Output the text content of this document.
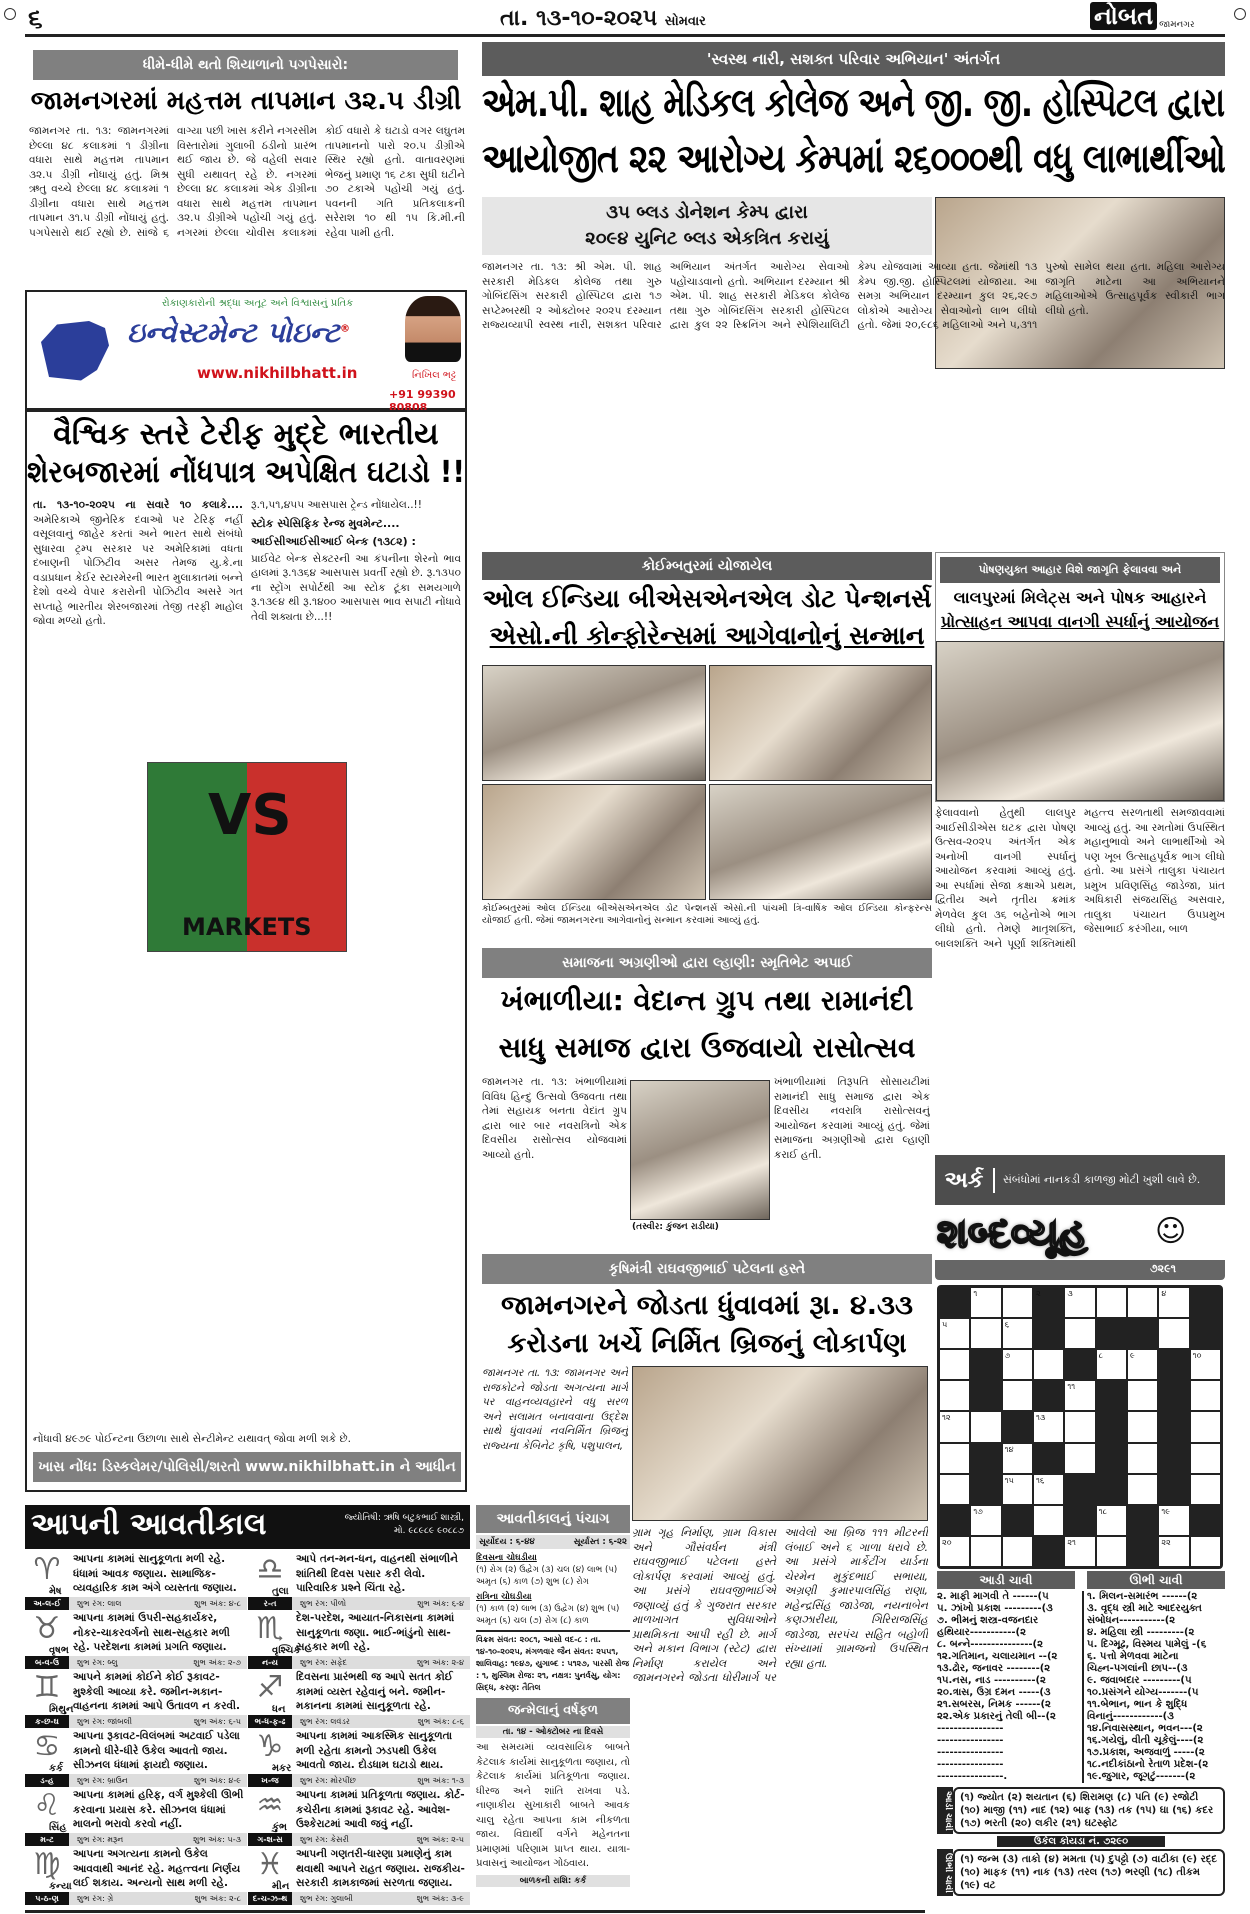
૬	તા. ૧૩-૧૦-૨૦૨૫ સોમવાર	નોબત જામનગર
ધીમે-ધીમે થતો શિયાળાનો પગપેસારો:
જામનગરમાં મહત્તમ તાપમાન ૩૨.૫ ડીગ્રી
જામનગર તા. ૧૩: જામનગરમાં છેલ્લા ૪૮ કલાકમાં ૧ ડીગ્રીના વધારા સાથે મહત્તમ તાપમાન ૩૨.૫ ડીગ્રી નોંધાયું હતું. મિશ્ર ઋતુ વચ્ચે છેલ્લા ૪૮ કલાકમાં ૧ ડીગ્રીના વધારા સાથે મહત્તમ તાપમાન ૩૧.૫ ડીગ્રી નોંધાયું હતું. પગપેસારો થઈ રહ્યો છે. સાંજે ૬ વાગ્યા પછી ખાસ કરીને નગરસીમ વિસ્તારોમાં ગુલાબી ઠંડીનો પ્રારંભ થઈ જાય છે. જે વહેલી સવાર સુધી યથાવત્ રહે છે. નગરમાં છેલ્લા ૪૮ કલાકમાં એક ડીગ્રીના વધારા સાથે મહત્તમ તાપમાન ૩૨.૫ ડીગ્રીએ પહોંચી ગયું હતું. નગરમાં છેલ્લા ચોવીસ કલાકમાં કોઈ વધારો કે ઘટાડો વગર લઘુતમ તાપમાનનો પારો ૨૦.૫ ડીગ્રીએ સ્થિર રહ્યો હતો. વાતાવરણમાં ભેજનું પ્રમાણ ૧૬ ટકા સુધી ઘટીને ૭૦ ટકાએ પહોંચી ગયું હતું. પવનની ગતિ પ્રતિકલાકની સરેરાશ ૧૦ થી ૧૫ કિ.મી.ની રહેવા પામી હતી.
રોકાણકારોની શ્રદ્ધા અતૂટ અને વિશ્વાસનું પ્રતિક
ઇન્વેસ્ટમેન્ટ પોઇન્ટ®
www.nikhilbhatt.in	નિખિલ ભટ્ટ
+91 99390 80808
વૈશ્વિક સ્તરે ટેરીફ મુદ્દે ભારતીય
શેરબજારમાં નોંધપાત્ર અપેક્ષિત ઘટાડો !!
તા. ૧૩-૧૦-૨૦૨૫ ના સવારે ૧૦ કલાકે.... અમેરિકાએ જીનેરિક દવાઓ પર ટેરિફ નહીં વસૂલવાનું જાહેર કરતાં અને ભારત સાથે સંબંધો સુધારવા ટ્રમ્પ સરકાર પર અમેરિકામાં વધતા દબાણની પોઝિટીવ અસર તેમજ યુ.કે.ના વડાપ્રધાન કેઈર સ્ટારમેરની ભારત મુલાકાતમાં બન્ને દેશો વચ્ચે વેપાર કરારોની પોઝિટીવ અસરે ગત સપ્તાહે ભારતીય શેરબજારમાં તેજી તરફી માહોલ જોવા મળ્યો હતો.
રૂ.૧,૫૧,૪૫૫ આસપાસ ટ્રેન્ડ નોંધાયેલ..!!
સ્ટોક સ્પેસિફિક રેન્જ મુવમેન્ટ....
આઈસીઆઈસીઆઈ બેન્ક (૧૩૮૨) :
પ્રાઈવેટ બેન્ક સેક્ટરની આ કંપનીના શેરનો ભાવ હાલમાં રૂ.૧૩૬૪ આસપાસ પ્રવર્તી રહ્યો છે. રૂ.૧૩૫૦ ના સ્ટ્રોંગ સપોર્ટથી આ સ્ટોક ટૂંકા સમયગાળે રૂ.૧૩૯૪ થી રૂ.૧૪૦૦ આસપાસ ભાવ સપાટી નોંધાવે તેવી શક્યતા છે...!!
VS
MARKETS
નોંધાવી ૪૯૭૯ પોઈન્ટના ઉછાળા સાથે સેન્ટીમેન્ટ યથાવત્ જોવા મળી શકે છે.
ખાસ નોંધ: ડિસ્કલેમર/પોલિસી/શરતો www.nikhilbhatt.in ને આધીન
'સ્વસ્થ નારી, સશક્ત પરિવાર અભિયાન' અંતર્ગત
એમ.પી. શાહ મેડિકલ કોલેજ અને જી. જી. હોસ્પિટલ દ્વારા
આયોજીત ૨૨ આરોગ્ય કેમ્પમાં ૨૬૦૦૦થી વધુ લાભાર્થીઓ
૩૫ બ્લડ ડોનેશન કેમ્પ દ્વારા
૨૦૯૪ યુનિટ બ્લડ એકત્રિત કરાયું
જામનગર તા. ૧૩: શ્રી એમ. પી. શાહ સરકારી મેડિકલ કોલેજ તથા ગુરુ ગોબિંદસિંગ સરકારી હોસ્પિટલ દ્વારા ૧૭ સપ્ટેમ્બરથી ૨ ઓક્ટોબર ૨૦૨૫ દરમ્યાન રાજ્યવ્યાપી સ્વસ્થ નારી, સશક્ત પરિવાર અભિયાન અંતર્ગત આરોગ્ય સેવાઓ પહોંચાડવાનો હતો. અભિયાન દરમ્યાન શ્રી એમ. પી. શાહ સરકારી મેડિકલ કોલેજ તથા ગુરુ ગોબિંદસિંગ સરકારી હોસ્પિટલ દ્વારા કુલ ૨૨ સ્ક્રિનિંગ અને સ્પેશિયાલિટી કેમ્પ યોજવામાં આવ્યા હતા. જેમાંથી ૧૩ કેમ્પ જી.જી. હોસ્પિટલમાં યોજાયા. આ સમગ્ર અભિયાન દરમ્યાન કુલ ૨૬,૨૯૭ લોકોએ આરોગ્ય સેવાઓનો લાભ લીધો હતો. જેમાં ૨૦,૯૮૬ મહિલાઓ અને ૫,૩૧૧ પુરુષો સામેલ થયા હતા. મહિલા આરોગ્ય જાગૃતિ માટેના આ અભિયાનને મહિલાઓએ ઉત્સાહપૂર્વક સ્વીકારી ભાગ લીધો હતો.
કોઈમ્બતુરમાં યોજાયેલ
ઓલ ઈન્ડિયા બીએસએનએલ ડોટ પેન્શનર્સ
એસો.ની કોન્ફોરેન્સમાં આગેવાનોનું સન્માન
કોઈમ્બતુરમાં ઓલ ઈન્ડિયા બીએસએનએલ ડોટ પેન્શનર્સ એસો.ની પાંચમી ત્રિ-વાર્ષિક ઓલ ઈન્ડિયા કોન્ફરન્સ યોજાઈ હતી. જેમાં જામનગરના આગેવાનોનું સન્માન કરવામાં આવ્યું હતું.
પોષણયુક્ત આહાર વિશે જાગૃતિ ફેલાવવા અને
લાલપુરમાં મિલેટ્સ અને પોષક આહારને
પ્રોત્સાહન આપવા વાનગી સ્પર્ધાનું આયોજન
ફેલાવવાનો હેતુથી લાલપુર આઈસીડીએસ ઘટક દ્વારા પોષણ ઉત્સવ-૨૦૨૫ અંતર્ગત એક અનોખી વાનગી સ્પર્ધાનું આયોજન કરવામાં આવ્યું હતું. આ સ્પર્ધામાં સેજા કક્ષાએ પ્રથમ, દ્વિતીય અને તૃતીય ક્રમાંક મેળવેલ કુલ ૩૬ બહેનોએ ભાગ લીધો હતો. તેમણે માતૃશક્તિ, બાલશક્તિ અને પૂર્ણા શક્તિમાંથી મહત્ત્વ સરળતાથી સમજાવવામાં આવ્યું હતું. આ રમતોમાં ઉપસ્થિત મહાનુભાવો અને લાભાર્થીઓ એ પણ ખૂબ ઉત્સાહપૂર્વક ભાગ લીધો હતો. આ પ્રસંગે તાલુકા પંચાયત પ્રમુખ પ્રવિણસિંહ જાડેજા, પ્રાંત અધિકારી સંજયસિંહ અસવાર, તાલુકા પંચાયત ઉપપ્રમુખ જેસાભાઈ કરંગીયા, બાળ
સમાજના અગ્રણીઓ દ્વારા લ્હાણી: સ્મૃતિભેટ અપાઈ
ખંભાળીયા: વેદાન્ત ગ્રુપ તથા રામાનંદી
સાધુ સમાજ દ્વારા ઉજવાયો રાસોત્સવ
જામનગર તા. ૧૩: ખંભાળીયામાં વિવિધ હિન્દુ ઉત્સવો ઉજવતા તથા તેમાં સહાયક બનતા વેદાંત ગ્રુપ દ્વારા બાર બાર નવરાત્રિનો એક દિવસીય રાસોત્સવ યોજવામાં આવ્યો હતો.
(તસ્વીર: કુંજન રાડીયા)
ખંભાળીયામાં તિરૂપતિ સોસાયટીમાં રામાનંદી સાધુ સમાજ દ્વારા એક દિવસીય નવરાત્રિ રાસોત્સવનું આયોજન કરવામાં આવ્યું હતું. જેમાં સમાજના અગ્રણીઓ દ્વારા લ્હાણી કરાઈ હતી.
કૃષિમંત્રી રાઘવજીભાઈ પટેલના હસ્તે
જામનગરને જોડતા ધુંવાવમાં રૂા. ૪.૩૩
કરોડના ખર્ચે નિર્મિત બ્રિજનું લોકાર્પણ
જામનગર તા. ૧૩: જામનગર અને રાજકોટને જોડતા અગત્યના માર્ગ પર વાહનવ્યવહારને વધુ સરળ અને સલામત બનાવવાના ઉદ્દેશ સાથે ધુંવાવમાં નવનિર્મિત બ્રિજનું રાજ્યના કેબિનેટ કૃષિ, પશુપાલન,
ગ્રામ ગૃહ નિર્માણ, ગ્રામ વિકાસ અને ગૌસંવર્ધન મંત્રી રાઘવજીભાઈ પટેલના હસ્તે લોકાર્પણ કરવામાં આવ્યું હતું. આ પ્રસંગે રાઘવજીભાઈએ જણાવ્યું હતું કે ગુજરાત સરકાર માળખાગત સુવિધાઓને પ્રાથમિકતા આપી રહી છે. માર્ગ અને મકાન વિભાગ (સ્ટેટ) દ્વારા નિર્માણ કરાયેલ અને જામનગરને જોડતા ધોરીમાર્ગ પર આવેલો આ બ્રિજ ૧૧૧ મીટરની લંબાઈ અને ૬ ગાળા ધરાવે છે. આ પ્રસંગે માર્કેટીંગ યાર્ડના ચેરમેન મુકુંદભાઈ સભાયા, અગ્રણી કુમારપાલસિંહ રાણા, મહેન્દ્રસિંહ જાડેજા, નયનાબેન કણઝારીયા, ગિરિરાજસિંહ જાડેજા, સરપંચ સહિત બહોળી સંખ્યામાં ગ્રામજનો ઉપસ્થિત રહ્યા હતા.
અર્ક	સંબંધોમાં નાનકડી કાળજી મોટી ખુશી લાવે છે.
શબ્દવ્યૂહ	☺
૭૨૯૧
૧	૨	૩	૪
૫	૬
૭	૮	૯	૧૦
૧૧
૧૨	૧૩
૧૪
૧૫	૧૬
૧૭	૧૮	૧૯
૨૦	૨૧	૨૨
આડી ચાવી	ઊભી ચાવી
૨. માફી માગવી તે ------(૫
૫. ઝાંખો પ્રકાશ ---------(૩
૭. ભીમનું શસ્ત્ર-વજનદાર
હથિયાર-----------(૨
૮. બન્ને---------------(૨
૧૨.ગતિમાન, ચલાયમાન --(૨
૧૩.ઢોર, જનાવર --------(૨
૧૫.નસ, નાડ ----------(૨
૨૦.ત્રાસ, ઉગ્ર દમન -----(૩
૨૧.સબરસ, નિમક ------(૨
૨૨.એક પ્રકારનું તેલી બી--(૨
----------------
----------------
----------------
----------------
----------------.
૧. મિલન-સમારંભ ------(૨
૩. વૃદ્ધ સ્ત્રી માટે આદરયુક્ત
સંબોધન-----------(૨
૪. મહિલા સ્ત્રી ---------(૨
૫. દિગ્મૂઢ, વિસ્મય પામેલું -(૬
૬. પત્તો મેળવવા માટેના
ચિહ્ન-પગલાંની છાપ--(૩
૯. જવાબદાર ---------(૫
૧૦.પ્રસંગને યોગ્ય-------(૫
૧૧.બેભાન, ભાન કે શુદ્ધિ
વિનાનું------------(૩
૧૪.નિવાસસ્થાન, ભવન---(૨
૧૬.ગયેલું, વીતી ચૂકેલું----(૨
૧૭.પ્રકાશ, અજવાળું -----(૨
૧૮.નદીકાંઠાનો રેતાળ પ્રદેશ-(૨
૧૯.જુગાર, જૂગટું-------(૨
આડી ચાવી (૧) જ્યોત (૨) શયતાન (૬) શિરામણ (૮) પતિ (૯) રજોટી (૧૦) માજી (૧૧) નાદ (૧૨) બાફ (૧૩) તક (૧૫) ઘા (૧૬) કદર (૧૭) ભરતી (૨૦) લકીર (૨૧) ઘટસ્ફોટ
ઉકેલ કોયડા નં. ૭૨૯૦
ઊભી ચાવી (૧) જન્મ (૩) તાકો (૪) મમતા (૫) દુપટ્ટો (૭) વાટીકા (૯) રદ્દ (૧૦) માફક (૧૧) નાક (૧૩) તરલ (૧૭) ભરણી (૧૮) તીકમ (૧૯) વટ
આપની આવતીકાલ	જ્યોતિષી: ઋષિ બટુકભાઈ શાસ્ત્રી,
મો. ૯૮૯૮૯ ૯૦૮૮૭
♈
મેષ
આપના કામમાં સાનુકૂળતા મળી રહે. ધંધામાં આવક જણાય. સામાજિક-વ્યવહારિક કામ અંગે વ્યસ્તતા જણાય.
અ-લ-ઈ	શુભ રંગ: લાલ	શુભ અંક: ૪-૮
♉
વૃષભ
આપના કામમાં ઉપરી-સહકાર્યકર, નોકર-ચાકરવર્ગનો સાથ-સહકાર મળી રહે. પરદેશના કામમાં પ્રગતિ જણાય.
બ-વ-ઉ	શુભ રંગ: બ્લુ	શુભ અંક: ૨-૭
♊
મિથુન
આપને કામમાં કોઈને કોઈ રૂકાવટ-મુશ્કેલી આવ્યા કરે. જમીન-મકાન-વાહનના કામમાં આપે ઉતાવળ ન કરવી.
ક-છ-ઘ	શુભ રંગ: જાંબલી	શુભ અંક: ૬-૫
♋
કર્ક
આપના રૂકાવટ-વિલંબમાં અટવાઈ પડેલા કામનો ધીરે-ધીરે ઉકેલ આવતો જાય. સીઝનલ ધંધામાં ફાયદો જણાય.
ડ-હ	શુભ રંગ: બ્રાઉન	શુભ અંક: ૪-૯
♌
સિંહ
આપના કામમાં હરિફ, વર્ગ મુશ્કેલી ઊભી કરવાના પ્રયાસ કરે. સીઝનલ ધંધામાં માલનો ભરાવો કરવો નહીં.
મ-ટ	શુભ રંગ: મરૂન	શુભ અંક: ૫-૩
♍
કન્યા
આપના અગત્યના કામનો ઉકેલ આવવાથી આનંદ રહે. મહત્ત્વના નિર્ણય લઈ શકાય. અન્યનો સાથ મળી રહે.
પ-ઠ-ણ	શુભ રંગ: ગ્રે	શુભ અંક: ૨-૮
♎
તુલા
આપે તન-મન-ધન, વાહનથી સંભાળીને શાંતિથી દિવસ પસાર કરી લેવો. પારિવારિક પ્રશ્ને ચિંતા રહે.
ર-ત	શુભ રંગ: પીળો	શુભ અંક: ૬-૪
♏
વૃશ્ચિક
દેશ-પરદેશ, આયાત-નિકાસના કામમાં સાનુકૂળતા જણા. ભાઈ-ભાંડુંનો સાથ-સહકાર મળી રહે.
ન-ય	શુભ રંગ: સફેદ	શુભ અંક: ૨-૪
♐
ધન
દિવસના પ્રારંભથી જ આપે સતત કોઈ કામમાં વ્યસ્ત રહેવાનું બને. જમીન-મકાનના કામમાં સાનુકૂળતા રહે.
ભ-ધ-ફ-ઢ	શુભ રંગ: લવંડર	શુભ અંક: ૮-૬
♑
મકર
આપના કામમાં આકસ્મિક સાનુકૂળતા મળી રહેતા કામનો ઝડપથી ઉકેલ આવતો જાય. દોડધામ ઘટાડો થાય.
ખ-જ	શુભ રંગ: મોરપીંછ	શુભ અંક: ૧-૩
♒
કુંભ
આપના કામમાં પ્રતિકૂળતા જણાય. કોર્ટ-કચેરીના કામમાં રૂકાવટ રહે. આવેશ-ઉશ્કેરાટમાં આવી જવું નહીં.
ગ-શ-સ	શુભ રંગ: કેસરી	શુભ અંક: ૨-૫
♓
મીન
આપની ગણતરી-ધારણા પ્રમાણેનું કામ થવાથી આપને રાહત જણાય. રાજકીય-સરકારી કામકાજમાં સરળતા જણાય.
દ-ચ-ઝ-થ	શુભ રંગ: ગુલાબી	શુભ અંક: ૩-૯
આવતીકાલનું પંચાગ
સૂર્યોદય : ૬-૪૪	સૂર્યાસ્ત : ૬-૨૨
દિવસના ચોઘડીયા
(૧) રોગ (૨) ઉદ્વેગ (૩) ચલ (૪) લાભ (૫) અમૃત (૬) કાળ (૭) શુભ (૮) રોગ
રાત્રિના ચોઘડીયા
(૧) કાળ (૨) લાભ (૩) ઉદ્વેગ (૪) શુભ (૫) અમૃત (૬) ચલ (૭) રોગ (૮) કાળ
વિક્રમ સંવત: ૨૦૮૧, આસો વદ-૮ : તા. ૧૪-૧૦-૨૦૨૫, મંગળવાર જૈન સંવત: ૨૫૫૧, શાલિવાહ: ૧૯૪૭, યુગાબ્દ : ૫૧૨૭, પારસી રોજ : ૧, મુસ્લિમ રોજ: ૨૧, નક્ષત્ર: પુનર્વસુ, યોગ: સિદ્ધ, કરણ: તૈતિલ
જન્મેલાનું વર્ષફળ
તા. ૧૪ - ઓક્ટોબર ના દિવસે
આ સમયમાં વ્યવસાયિક બાબતે કેટલાક કાર્યમાં સાનુકૂળતા જણાય, તો કેટલાક કાર્યમાં પ્રતિકૂળતા જણાય. ધીરજ અને શાંતિ રાખવા પડે. નાણાકીય સુખાકારી બાબતે આવક ચાલુ રહેતા આપના કામ નીકળતા જાય. વિદ્યાર્થી વર્ગને મહેનતના પ્રમાણમાં પરિણામ પ્રાપ્ત થાય. યાત્રા-પ્રવાસનું આયોજન ગોઠવાય.
બાળકની રાશિ: કર્ક
